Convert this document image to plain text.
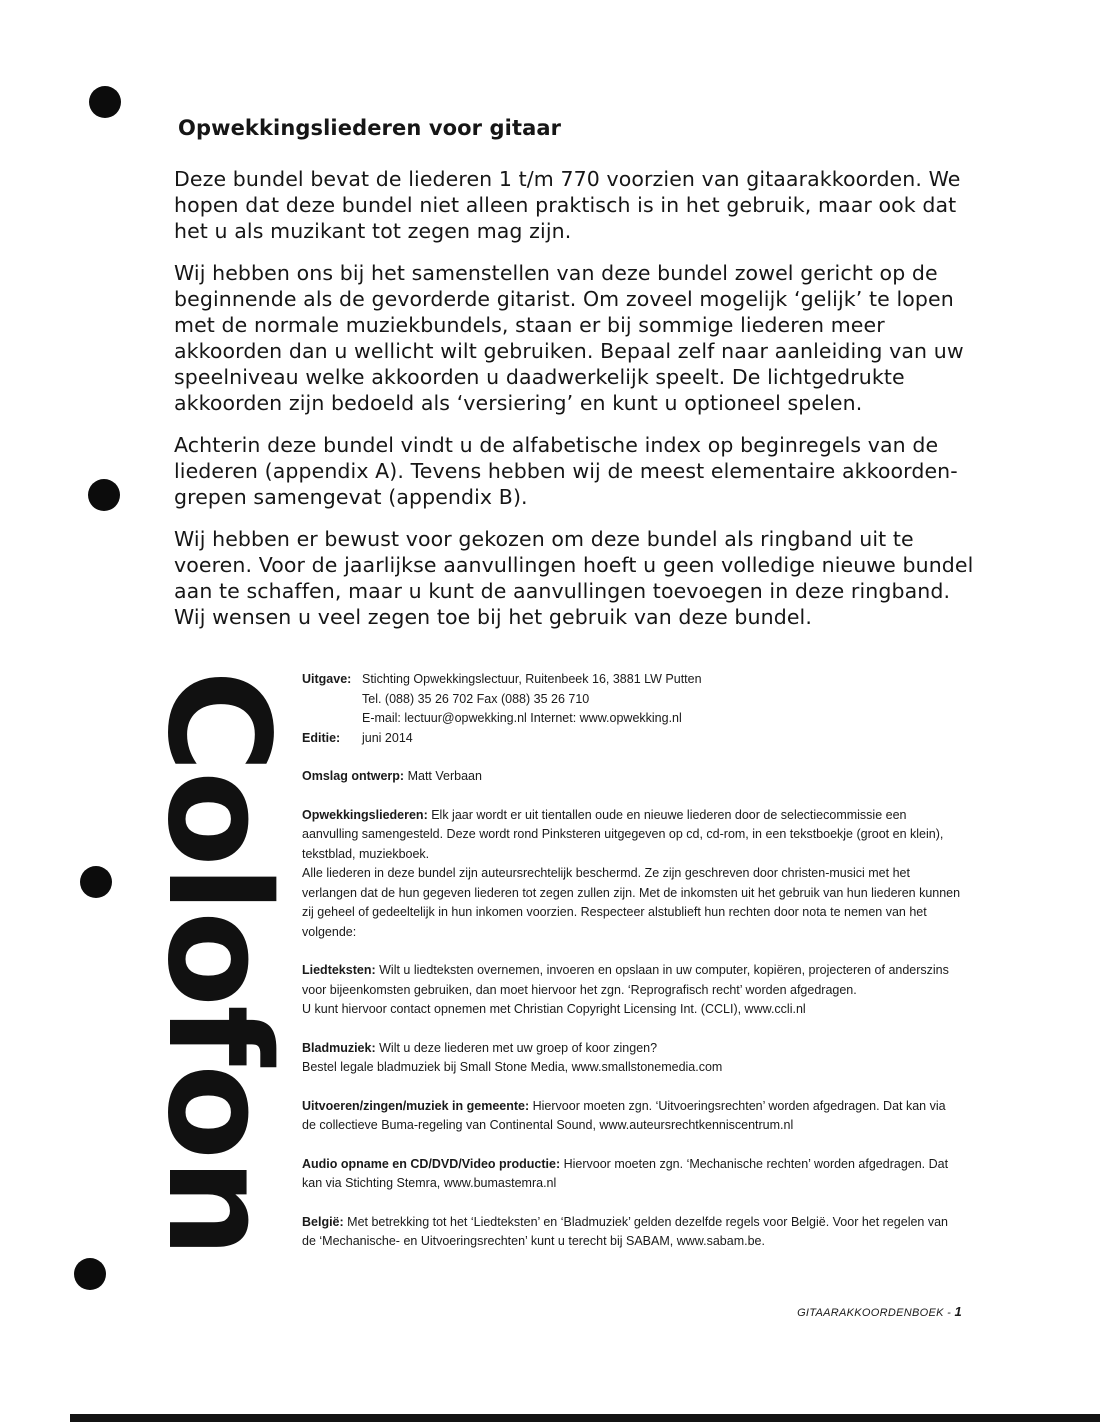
Opwekkingsliederen voor gitaar

Deze bundel bevat de liederen 1 t/m 770 voorzien van gitaarakkoorden. We hopen dat deze bundel niet alleen praktisch is in het gebruik, maar ook dat het u als muzikant tot zegen mag zijn.

Wij hebben ons bij het samenstellen van deze bundel zowel gericht op de beginnende als de gevorderde gitarist. Om zoveel mogelijk ‘gelijk’ te lopen met de normale muziekbundels, staan er bij sommige liederen meer akkoorden dan u wellicht wilt gebruiken. Bepaal zelf naar aanleiding van uw speelniveau welke akkoorden u daadwerkelijk speelt. De lichtgedrukte akkoorden zijn bedoeld als ‘versiering’ en kunt u optioneel spelen.

Achterin deze bundel vindt u de alfabetische index op beginregels van de liederen (appendix A). Tevens hebben wij de meest elementaire akkoorden-grepen samengevat (appendix B).

Wij hebben er bewust voor gekozen om deze bundel als ringband uit te voeren. Voor de jaarlijkse aanvullingen hoeft u geen volledige nieuwe bundel aan te schaffen, maar u kunt de aanvullingen toevoegen in deze ringband. Wij wensen u veel zegen toe bij het gebruik van deze bundel.

Colofon Uitgave: Stichting Opwekkingslectuur, Ruitenbeek 16, 3881 LW Putten
Tel. (088) 35 26 702 Fax (088) 35 26 710
E-mail: lectuur@opwekking.nl Internet: www.opwekking.nl
Editie:	juni 2014
Omslag ontwerp: Matt Verbaan
Opwekkingsliederen: Elk jaar wordt er uit tientallen oude en nieuwe liederen door de selectiecommissie een aanvulling samengesteld. Deze wordt rond Pinksteren uitgegeven op cd, cd-rom, in een tekstboekje (groot en klein), tekstblad, muziekboek.
Alle liederen in deze bundel zijn auteursrechtelijk beschermd. Ze zijn geschreven door christen-musici met het verlangen dat de hun gegeven liederen tot zegen zullen zijn. Met de inkomsten uit het gebruik van hun liederen kunnen zij geheel of gedeeltelijk in hun inkomen voorzien. Respecteer alstublieft hun rechten door nota te nemen van het volgende:
Liedteksten: Wilt u liedteksten overnemen, invoeren en opslaan in uw computer, kopiëren, projecteren of anderszins voor bijeenkomsten gebruiken, dan moet hiervoor het zgn. ‘Reprografisch recht’ worden afgedragen.
U kunt hiervoor contact opnemen met Christian Copyright Licensing Int. (CCLI), www.ccli.nl
Bladmuziek: Wilt u deze liederen met uw groep of koor zingen?
Bestel legale bladmuziek bij Small Stone Media, www.smallstonemedia.com
Uitvoeren/zingen/muziek in gemeente: Hiervoor moeten zgn. ‘Uitvoeringsrechten’ worden afgedragen. Dat kan via de collectieve Buma-regeling van Continental Sound, www.auteursrechtkenniscentrum.nl
Audio opname en CD/DVD/Video productie: Hiervoor moeten zgn. ‘Mechanische rechten’ worden afgedragen. Dat kan via Stichting Stemra, www.bumastemra.nl
België: Met betrekking tot het ‘Liedteksten’ en ‘Bladmuziek’ gelden dezelfde regels voor België. Voor het regelen van de ‘Mechanische- en Uitvoeringsrechten’ kunt u terecht bij SABAM, www.sabam.be.
GITAARAKKOORDENBOEK - 1
